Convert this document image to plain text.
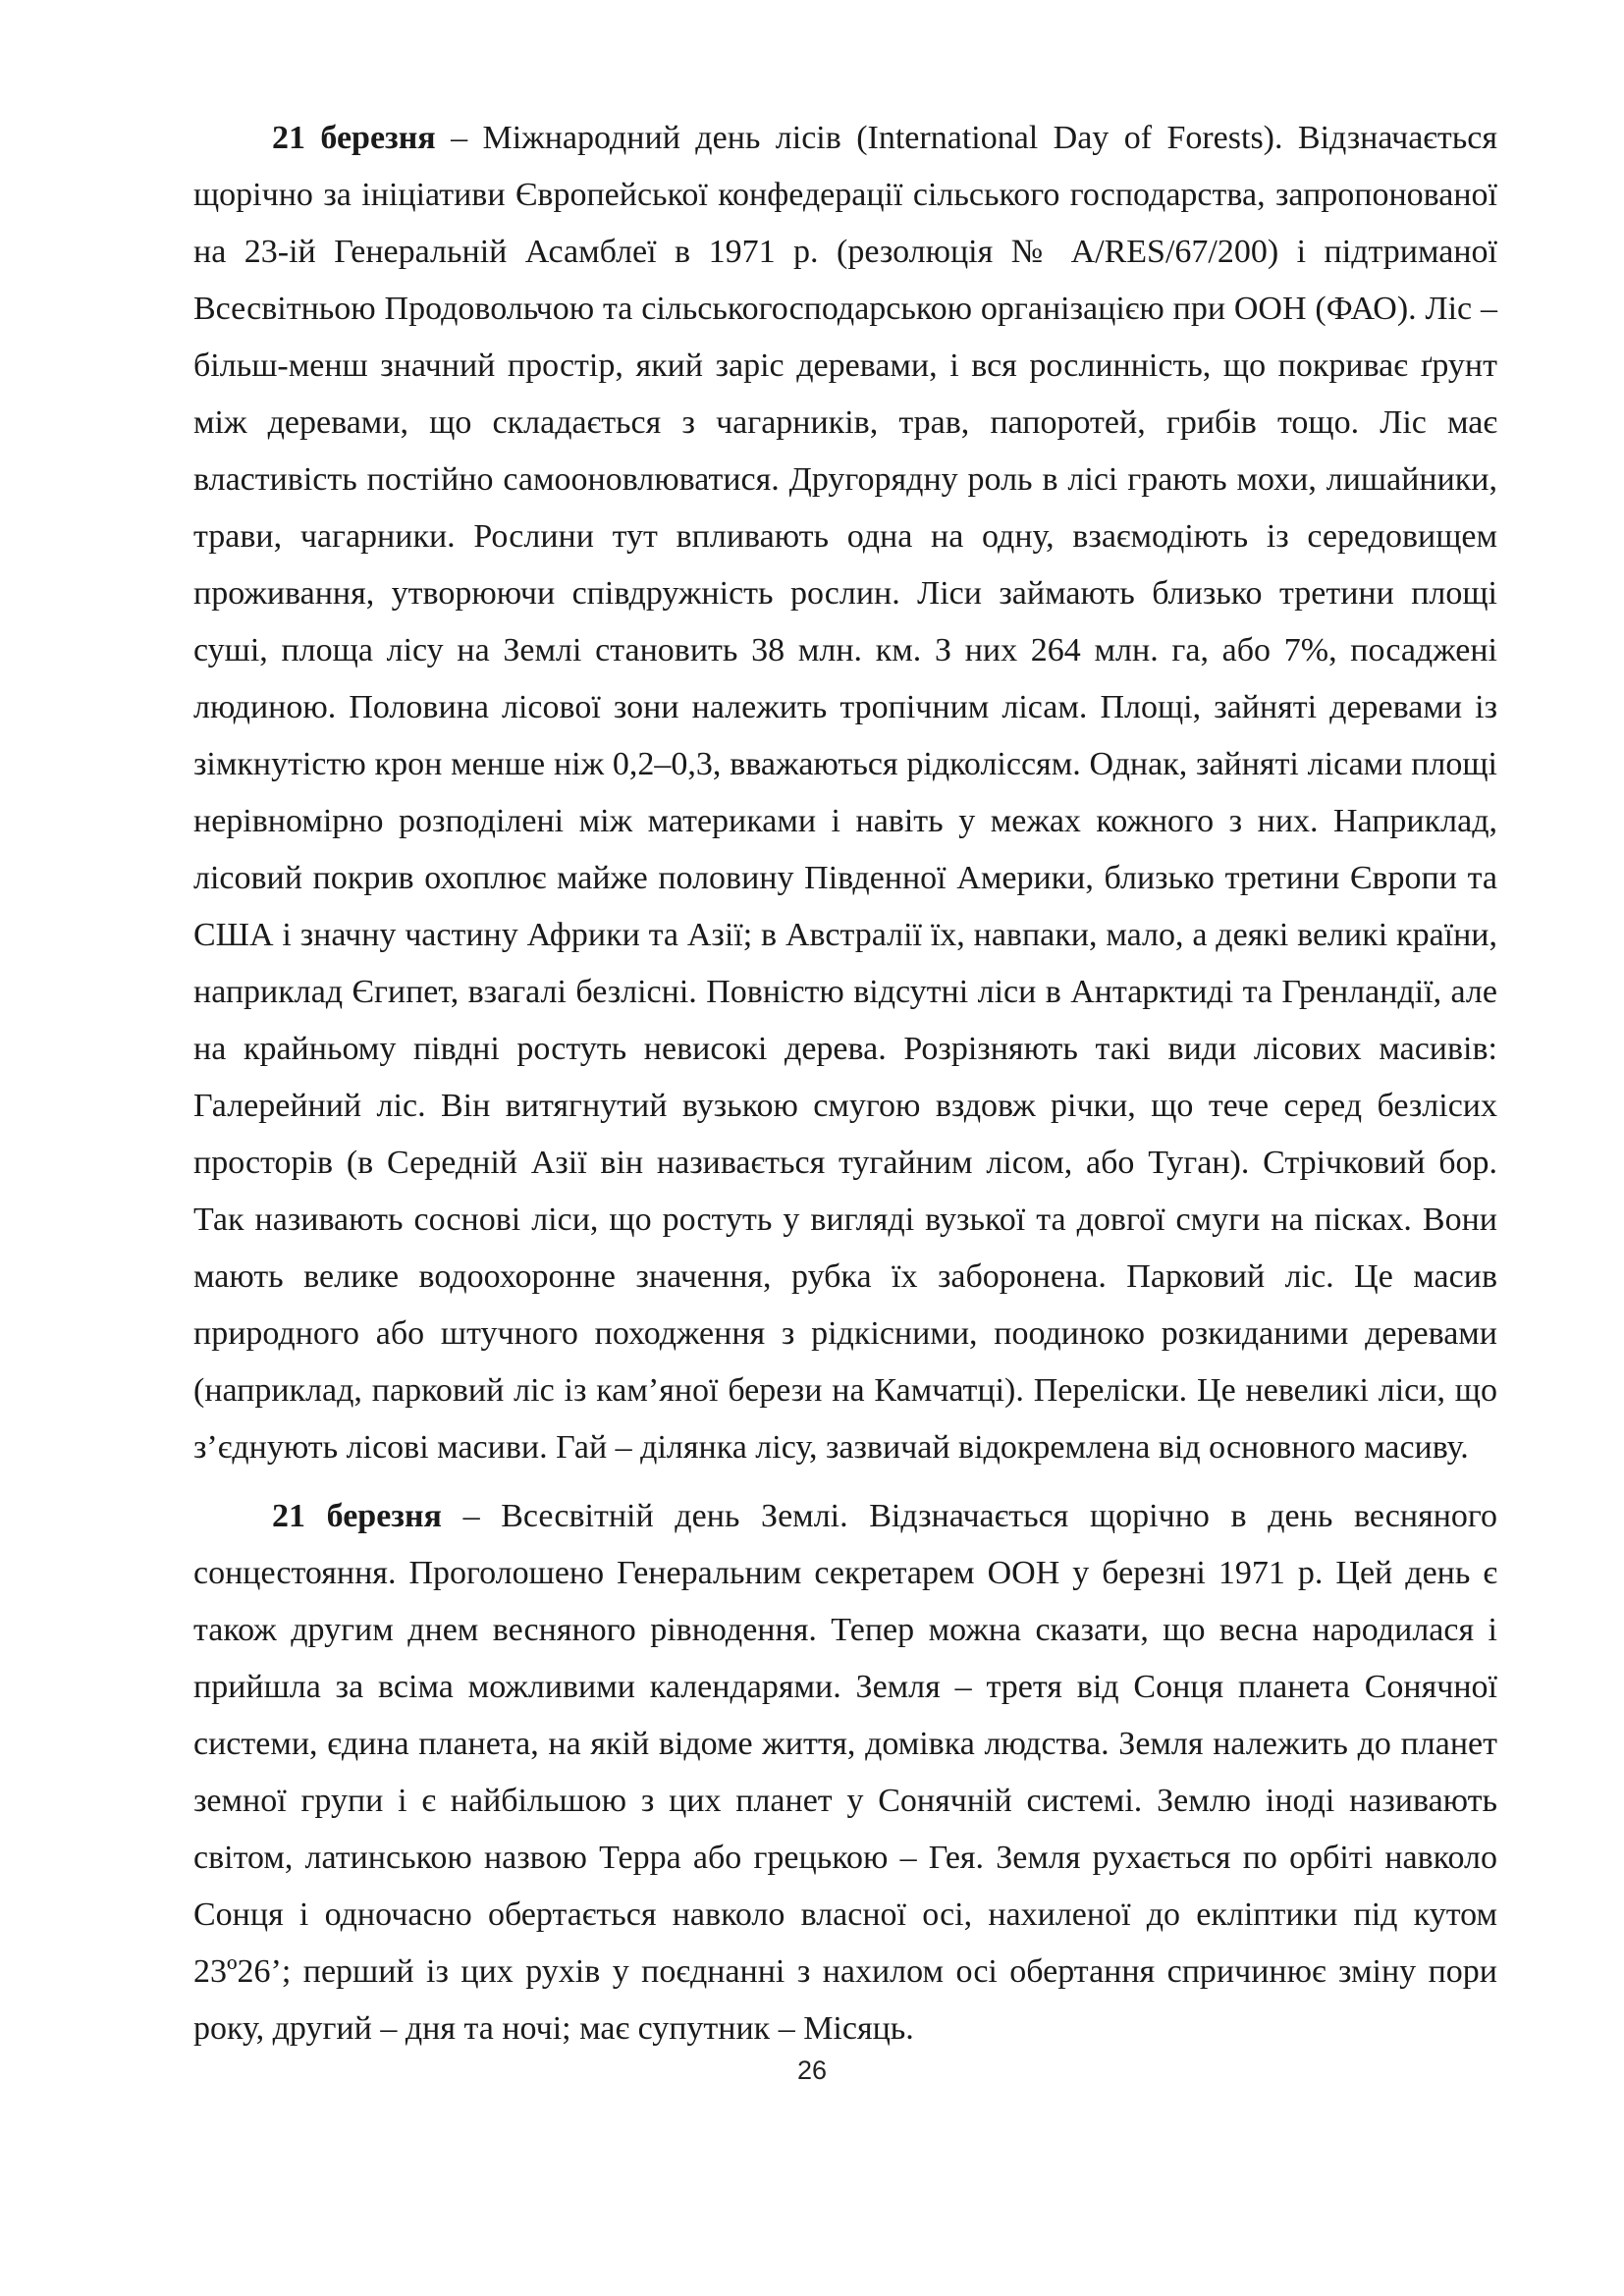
21 березня – Міжнародний день лісів (International Day of Forests). Відзначається щорічно за ініціативи Європейської конфедерації сільського господарства, запропонованої на 23-ій Генеральній Асамблеї в 1971 р. (резолюція № A/RES/67/200) і підтриманої Всесвітньою Продовольчою та сільськогосподарською організацією при ООН (ФАО). Ліс – більш-менш значний простір, який заріс деревами, і вся рослинність, що покриває ґрунт між деревами, що складається з чагарників, трав, папоротей, грибів тощо. Ліс має властивість постійно самооновлюватися. Другорядну роль в лісі грають мохи, лишайники, трави, чагарники. Рослини тут впливають одна на одну, взаємодіють із середовищем проживання, утворюючи співдружність рослин. Ліси займають близько третини площі суші, площа лісу на Землі становить 38 млн. км. З них 264 млн. га, або 7%, посаджені людиною. Половина лісової зони належить тропічним лісам. Площі, зайняті деревами із зімкнутістю крон менше ніж 0,2–0,3, вважаються рідколіссям. Однак, зайняті лісами площі нерівномірно розподілені між материками і навіть у межах кожного з них. Наприклад, лісовий покрив охоплює майже половину Південної Америки, близько третини Європи та США і значну частину Африки та Азії; в Австралії їх, навпаки, мало, а деякі великі країни, наприклад Єгипет, взагалі безлісні. Повністю відсутні ліси в Антарктиді та Гренландії, але на крайньому півдні ростуть невисокі дерева. Розрізняють такі види лісових масивів: Галерейний ліс. Він витягнутий вузькою смугою вздовж річки, що тече серед безлісих просторів (в Середній Азії він називається тугайним лісом, або Туган). Стрічковий бор. Так називають соснові ліси, що ростуть у вигляді вузької та довгої смуги на пісках. Вони мають велике водоохоронне значення, рубка їх заборонена. Парковий ліс. Це масив природного або штучного походження з рідкісними, поодиноко розкиданими деревами (наприклад, парковий ліс із кам’яної берези на Камчатці). Перелiски. Це невеликі ліси, що з’єднують лісові масиви. Гай – ділянка лісу, зазвичай відокремлена від основного масиву.

21 березня – Всесвітній день Землі. Відзначається щорічно в день весняного сонцестояння. Проголошено Генеральним секретарем ООН у березні 1971 р. Цей день є також другим днем весняного рівнодення. Тепер можна сказати, що весна народилася і прийшла за всіма можливими календарями. Земля – третя від Сонця планета Сонячної системи, єдина планета, на якій відоме життя, домівка людства. Земля належить до планет земної групи і є найбільшою з цих планет у Сонячній системі. Землю іноді називають світом, латинською назвою Терра або грецькою – Гея. Земля рухається по орбіті навколо Сонця і одночасно обертається навколо власної осі, нахиленої до екліптики під кутом 23º26’; перший із цих рухів у поєднанні з нахилом осі обертання спричинює зміну пори року, другий – дня та ночі; має супутник – Місяць.

26
